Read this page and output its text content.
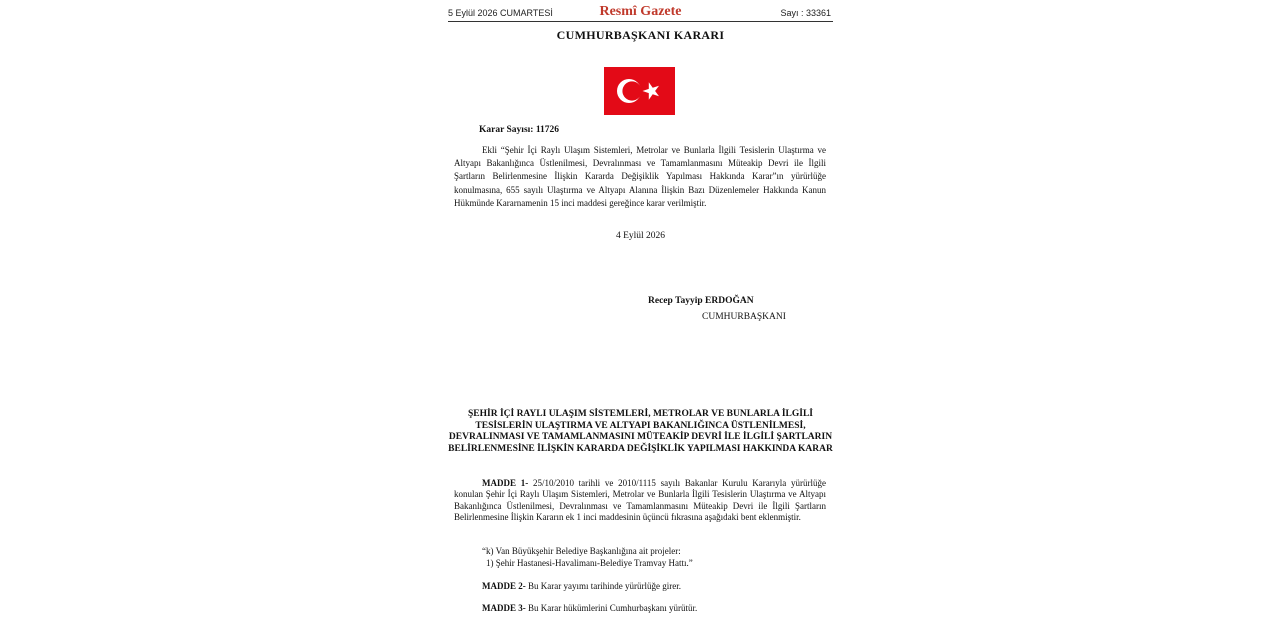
5 Eylül 2026 CUMARTESİ	Resmî Gazete	Sayı : 33361
CUMHURBAŞKANI KARARI
Karar Sayısı: 11726
Ekli “Şehir İçi Raylı Ulaşım Sistemleri, Metrolar ve Bunlarla İlgili Tesislerin Ulaştırma ve Altyapı Bakanlığınca Üstlenilmesi, Devralınması ve Tamamlanmasını Müteakip Devri ile İlgili Şartların Belirlenmesine İlişkin Kararda Değişiklik Yapılması Hakkında Karar”ın yürürlüğe konulmasına, 655 sayılı Ulaştırma ve Altyapı Alanına İlişkin Bazı Düzenlemeler Hakkında Kanun Hükmünde Kararnamenin 15 inci maddesi gereğince karar verilmiştir.
4 Eylül 2026
Recep Tayyip ERDOĞAN
CUMHURBAŞKANI
ŞEHİR İÇİ RAYLI ULAŞIM SİSTEMLERİ, METROLAR VE BUNLARLA İLGİLİ TESİSLERİN ULAŞTIRMA VE ALTYAPI BAKANLIĞINCA ÜSTLENİLMESİ, DEVRALINMASI VE TAMAMLANMASINI MÜTEAKİP DEVRİ İLE İLGİLİ ŞARTLARIN BELİRLENMESİNE İLİŞKİN KARARDA DEĞİŞİKLİK YAPILMASI HAKKINDA KARAR
MADDE 1- 25/10/2010 tarihli ve 2010/1115 sayılı Bakanlar Kurulu Kararıyla yürürlüğe konulan Şehir İçi Raylı Ulaşım Sistemleri, Metrolar ve Bunlarla İlgili Tesislerin Ulaştırma ve Altyapı Bakanlığınca Üstlenilmesi, Devralınması ve Tamamlanmasını Müteakip Devri ile İlgili Şartların Belirlenmesine İlişkin Kararın ek 1 inci maddesinin üçüncü fıkrasına aşağıdaki bent eklenmiştir.
“k) Van Büyükşehir Belediye Başkanlığına ait projeler:
1) Şehir Hastanesi-Havalimanı-Belediye Tramvay Hattı.”
MADDE 2- Bu Karar yayımı tarihinde yürürlüğe girer.
MADDE 3- Bu Karar hükümlerini Cumhurbaşkanı yürütür.
